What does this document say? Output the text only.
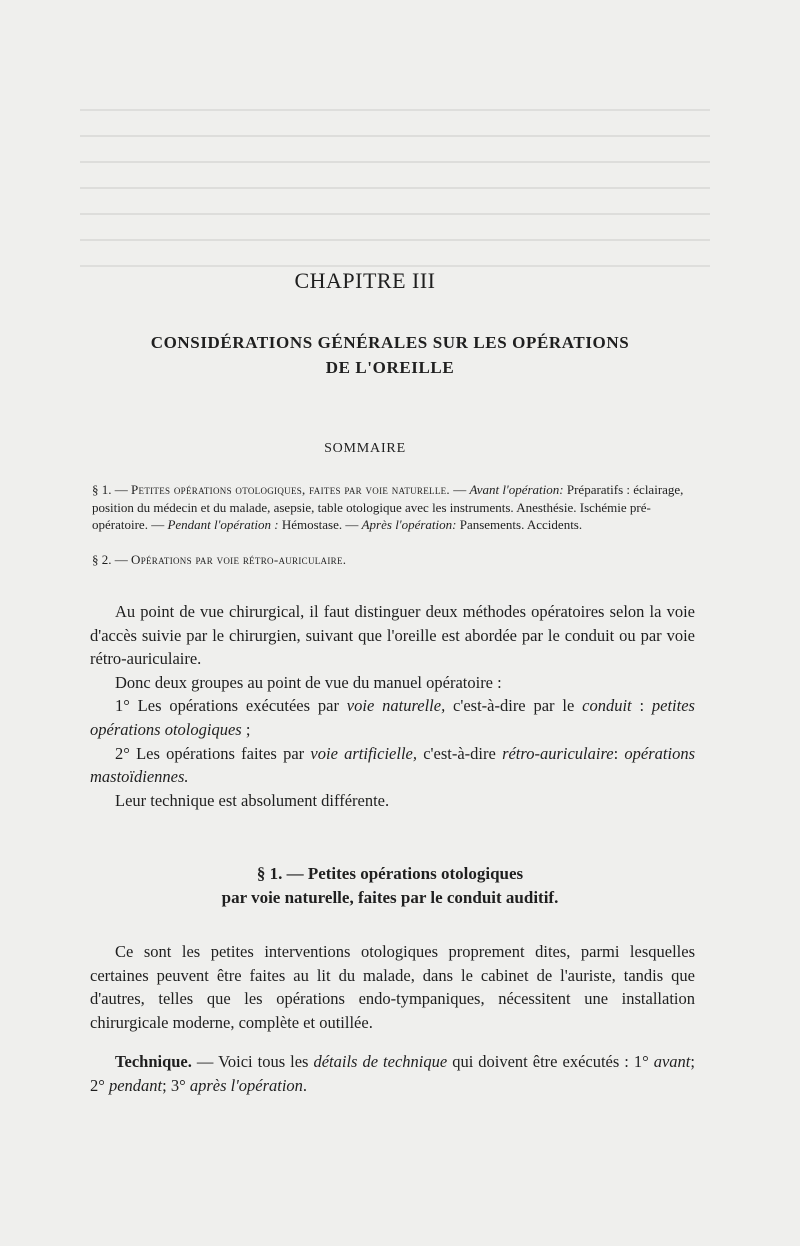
CHAPITRE III
CONSIDÉRATIONS GÉNÉRALES SUR LES OPÉRATIONS
DE L'OREILLE
SOMMAIRE
§ 1. — Petites opérations otologiques, faites par voie naturelle. — Avant l'opération: Préparatifs : éclairage, position du médecin et du malade, asepsie, table otologique avec les instruments. Anesthésie. Ischémie pré-opératoire. — Pendant l'opération : Hémostase. — Après l'opération: Pansements. Accidents.
§ 2. — Opérations par voie rétro-auriculaire.

Au point de vue chirurgical, il faut distinguer deux méthodes opératoires selon la voie d'accès suivie par le chirurgien, suivant que l'oreille est abordée par le conduit ou par voie rétro-auriculaire.

Donc deux groupes au point de vue du manuel opératoire :

1° Les opérations exécutées par voie naturelle, c'est-à-dire par le conduit : petites opérations otologiques ;

2° Les opérations faites par voie artificielle, c'est-à-dire rétro-auriculaire: opérations mastoïdiennes.

Leur technique est absolument différente.

§ 1. — Petites opérations otologiques
par voie naturelle, faites par le conduit auditif.

Ce sont les petites interventions otologiques proprement dites, parmi lesquelles certaines peuvent être faites au lit du malade, dans le cabinet de l'auriste, tandis que d'autres, telles que les opérations endo-tympaniques, nécessitent une installation chirurgicale moderne, complète et outillée.

Technique. — Voici tous les détails de technique qui doivent être exécutés : 1° avant; 2° pendant; 3° après l'opération.
